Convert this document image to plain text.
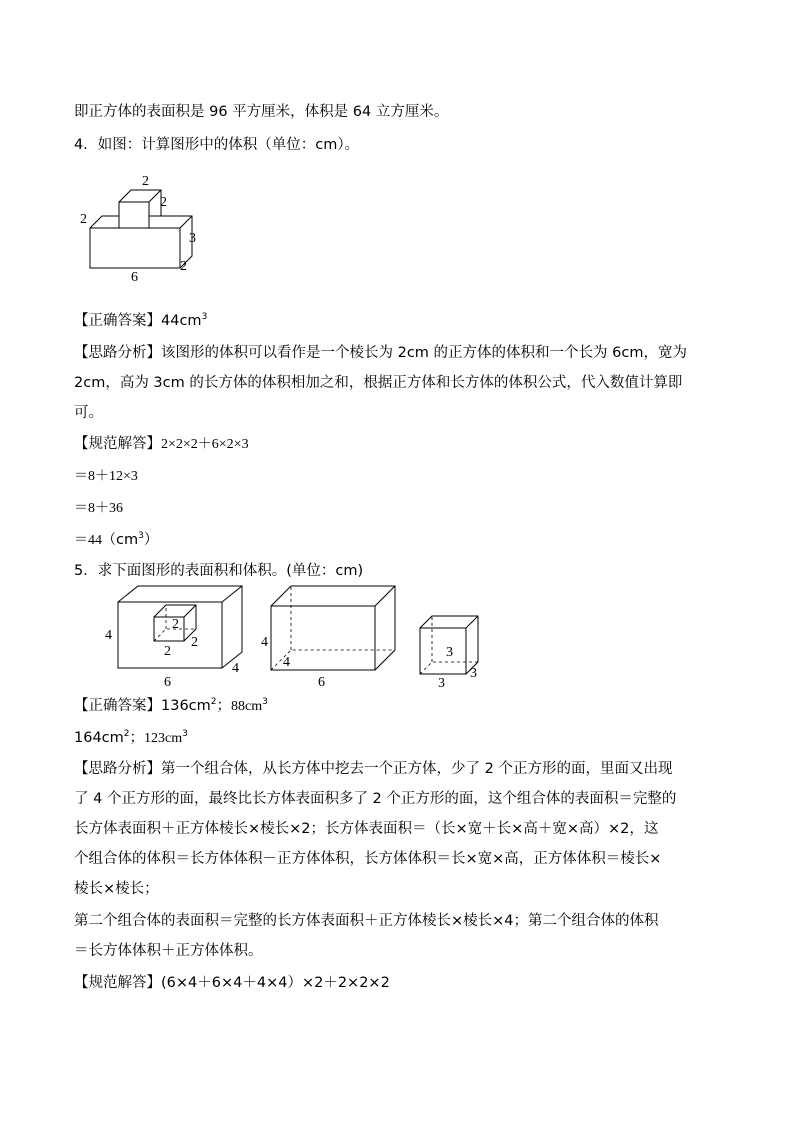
即正方体的表面积是 96 平方厘米，体积是 64 立方厘米。
4．如图：计算图形中的体积（单位：cm）。
2
2
2
3
2
6
【正确答案】$44cm^3$
【思路分析】该图形的体积可以看作是一个棱长为 2cm 的正方体的体积和一个长为 6cm，宽为
2cm，高为 3cm 的长方体的体积相加之和，根据正方体和长方体的体积公式，代入数值计算即
可。
【规范解答】2×2×2＋6×2×3
＝8＋12×3
＝8＋36
$=44(cm^3)$
5．求下面图形的表面积和体积。(单位：cm)
4
2
2
2
4
6
4
4
6
3
3
3
【正确答案】$136cm^2$；$88cm^3$
$164cm^2$；$123cm^3$
【思路分析】第一个组合体，从长方体中挖去一个正方体，少了 2 个正方形的面，里面又出现
了 4 个正方形的面，最终比长方体表面积多了 2 个正方形的面，这个组合体的表面积＝完整的
长方体表面积＋正方体棱长×棱长×2；长方体表面积＝（长×宽＋长×高＋宽×高）×2，这
个组合体的体积＝长方体体积－正方体体积，长方体体积＝长×宽×高，正方体体积＝棱长×
棱长×棱长；
第二个组合体的表面积＝完整的长方体表面积＋正方体棱长×棱长×4；第二个组合体的体积
＝长方体体积＋正方体体积。
【规范解答】(6×4＋6×4＋4×4）×2＋2×2×2
